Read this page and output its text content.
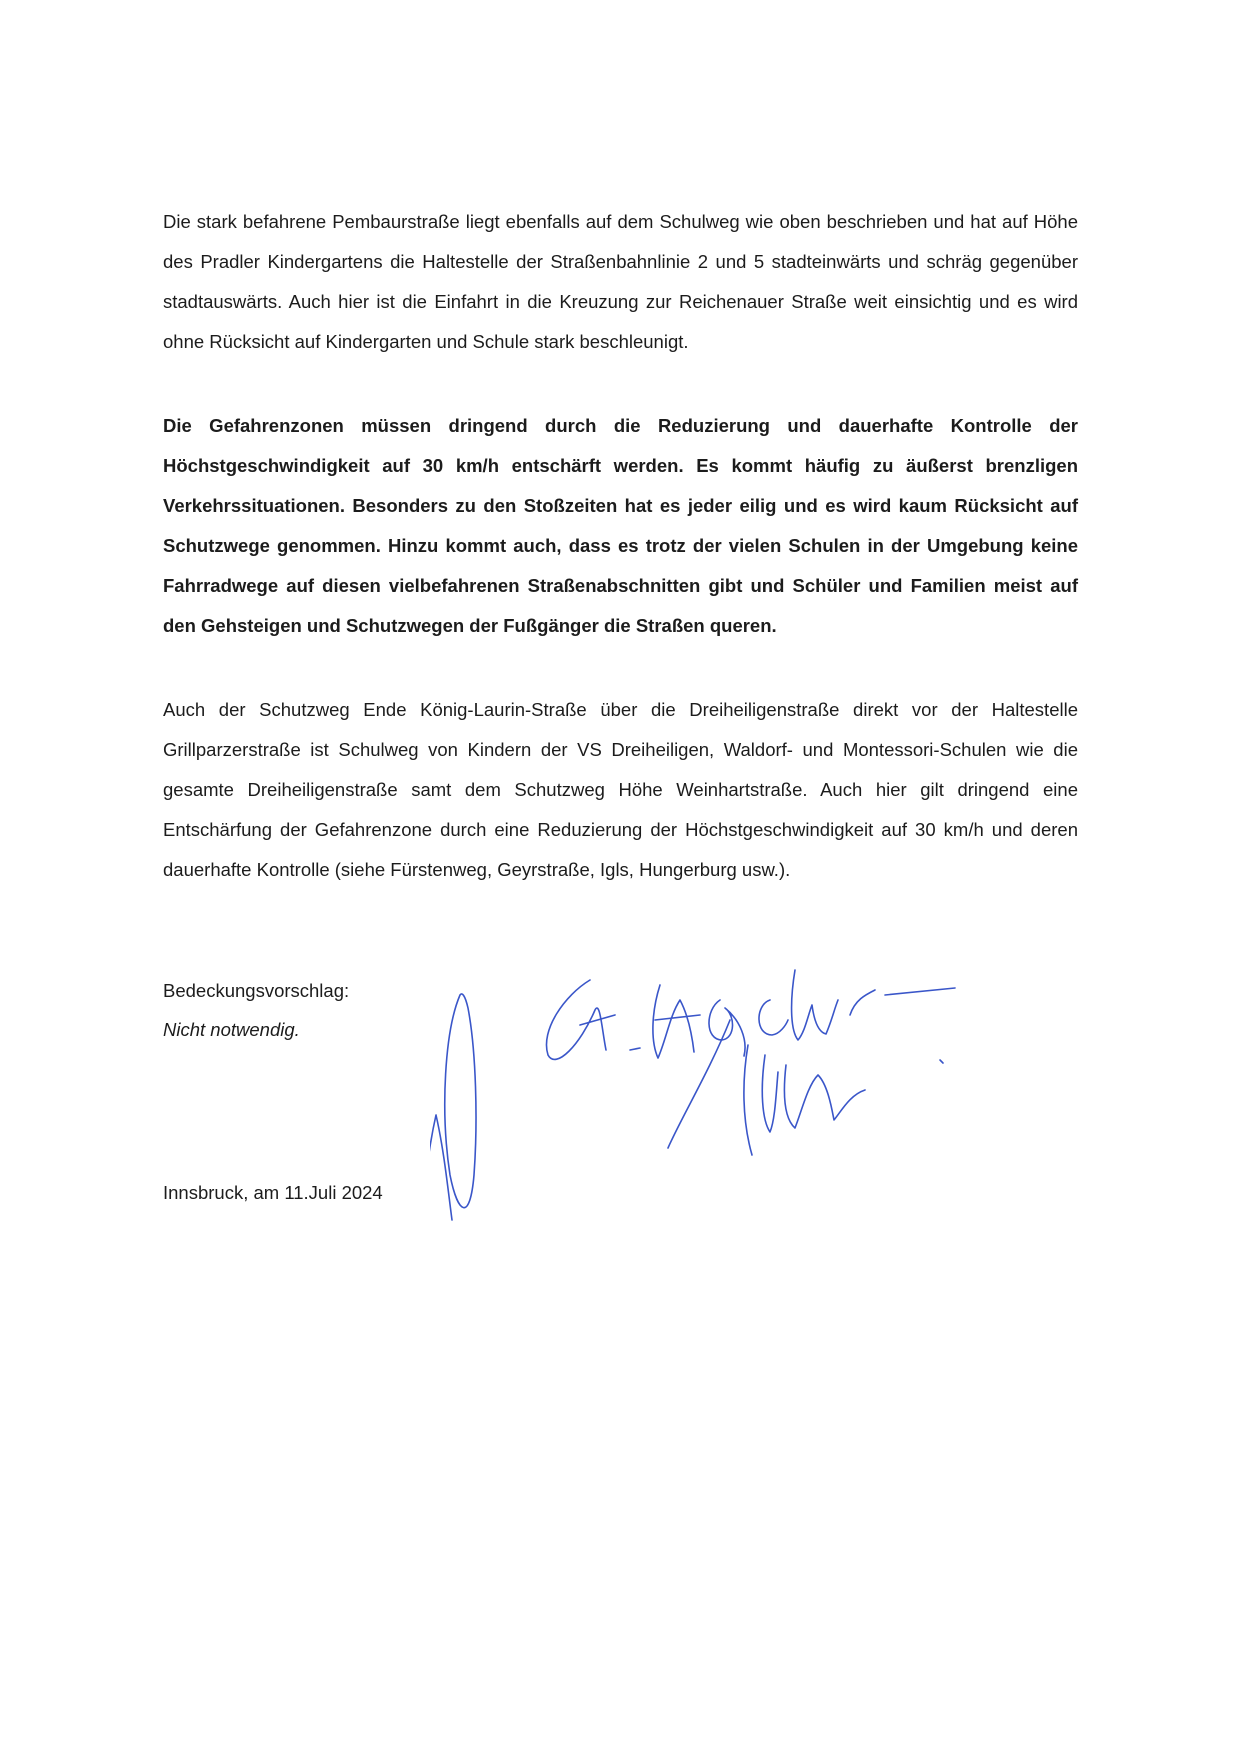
Die stark befahrene Pembaurstraße liegt ebenfalls auf dem Schulweg wie oben beschrieben und hat auf Höhe des Pradler Kindergartens die Haltestelle der Straßenbahnlinie 2 und 5 stadteinwärts und schräg gegenüber stadtauswärts. Auch hier ist die Einfahrt in die Kreuzung zur Reichenauer Straße weit einsichtig und es wird ohne Rücksicht auf Kindergarten und Schule stark beschleunigt.

Die Gefahrenzonen müssen dringend durch die Reduzierung und dauerhafte Kontrolle der Höchstgeschwindigkeit auf 30 km/h entschärft werden. Es kommt häufig zu äußerst brenzligen Verkehrssituationen. Besonders zu den Stoßzeiten hat es jeder eilig und es wird kaum Rücksicht auf Schutzwege genommen. Hinzu kommt auch, dass es trotz der vielen Schulen in der Umgebung keine Fahrradwege auf diesen vielbefahrenen Straßenabschnitten gibt und Schüler und Familien meist auf den Gehsteigen und Schutzwegen der Fußgänger die Straßen queren.

Auch der Schutzweg Ende König-Laurin-Straße über die Dreiheiligenstraße direkt vor der Haltestelle Grillparzerstraße ist Schulweg von Kindern der VS Dreiheiligen, Waldorf- und Montessori-Schulen wie die gesamte Dreiheiligenstraße samt dem Schutzweg Höhe Weinhartstraße. Auch hier gilt dringend eine Entschärfung der Gefahrenzone durch eine Reduzierung der Höchstgeschwindigkeit auf 30 km/h und deren dauerhafte Kontrolle (siehe Fürstenweg, Geyrstraße, Igls, Hungerburg usw.).

Bedeckungsvorschlag:

Nicht notwendig.

Innsbruck, am 11.Juli 2024
